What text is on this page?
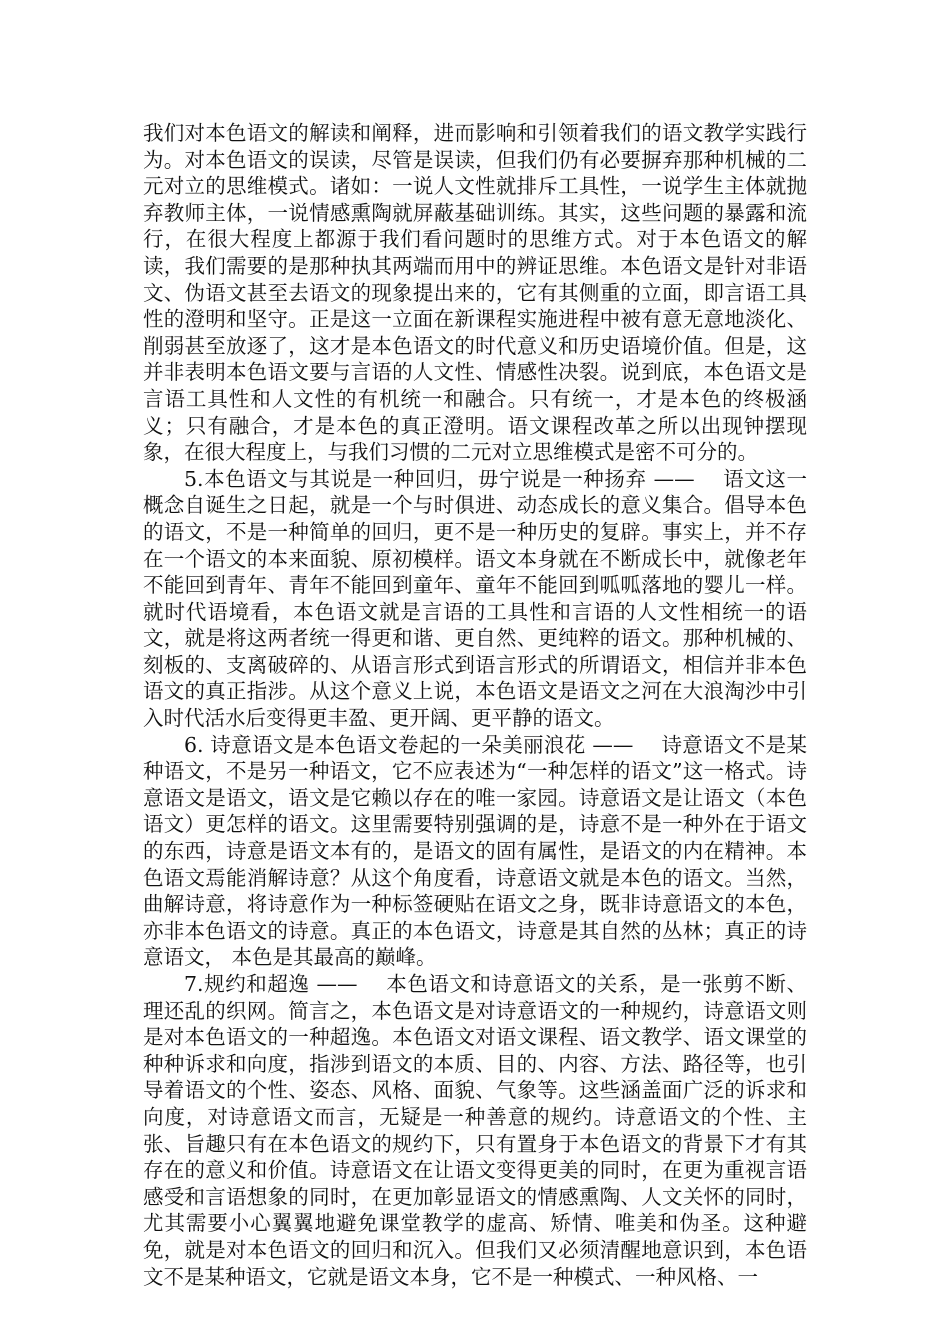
我们对本色语文的解读和阐释，进而影响和引领着我们的语文教学实践行为。对本色语文的误读，尽管是误读，但我们仍有必要摒弃那种机械的二元对立的思维模式。诸如：一说人文性就排斥工具性，一说学生主体就抛弃教师主体，一说情感熏陶就屏蔽基础训练。其实，这些问题的暴露和流行，在很大程度上都源于我们看问题时的思维方式。对于本色语文的解读，我们需要的是那种执其两端而用中的辨证思维。本色语文是针对非语文、伪语文甚至去语文的现象提出来的，它有其侧重的立面，即言语工具性的澄明和坚守。正是这一立面在新课程实施进程中被有意无意地淡化、削弱甚至放逐了，这才是本色语文的时代意义和历史语境价值。但是，这并非表明本色语文要与言语的人文性、情感性决裂。说到底，本色语文是言语工具性和人文性的有机统一和融合。只有统一，才是本色的终极涵义；只有融合，才是本色的真正澄明。语文课程改革之所以出现钟摆现象，在很大程度上，与我们习惯的二元对立思维模式是密不可分的。

5.本色语文与其说是一种回归，毋宁说是一种扬弃 ——　 语文这一概念自诞生之日起，就是一个与时俱进、动态成长的意义集合。倡导本色的语文，不是一种简单的回归，更不是一种历史的复辟。事实上，并不存在一个语文的本来面貌、原初模样。语文本身就在不断成长中，就像老年不能回到青年、青年不能回到童年、童年不能回到呱呱落地的婴儿一样。就时代语境看，本色语文就是言语的工具性和言语的人文性相统一的语文，就是将这两者统一得更和谐、更自然、更纯粹的语文。那种机械的、刻板的、支离破碎的、从语言形式到语言形式的所谓语文，相信并非本色语文的真正指涉。从这个意义上说，本色语文是语文之河在大浪淘沙中引入时代活水后变得更丰盈、更开阔、更平静的语文。

6. 诗意语文是本色语文卷起的一朵美丽浪花 ——　 诗意语文不是某种语文，不是另一种语文，它不应表述为“一种怎样的语文”这一格式。诗意语文是语文，语文是它赖以存在的唯一家园。诗意语文是让语文（本色语文）更怎样的语文。这里需要特别强调的是，诗意不是一种外在于语文的东西，诗意是语文本有的，是语文的固有属性，是语文的内在精神。本色语文焉能消解诗意？从这个角度看，诗意语文就是本色的语文。当然，曲解诗意，将诗意作为一种标签硬贴在语文之身，既非诗意语文的本色，亦非本色语文的诗意。真正的本色语文，诗意是其自然的丛林；真正的诗意语文， 本色是其最高的巅峰。

7.规约和超逸 ——　 本色语文和诗意语文的关系，是一张剪不断、理还乱的织网。简言之，本色语文是对诗意语文的一种规约，诗意语文则是对本色语文的一种超逸。本色语文对语文课程、语文教学、语文课堂的种种诉求和向度，指涉到语文的本质、目的、内容、方法、路径等，也引导着语文的个性、姿态、风格、面貌、气象等。这些涵盖面广泛的诉求和向度，对诗意语文而言，无疑是一种善意的规约。诗意语文的个性、主张、旨趣只有在本色语文的规约下，只有置身于本色语文的背景下才有其存在的意义和价值。诗意语文在让语文变得更美的同时，在更为重视言语感受和言语想象的同时，在更加彰显语文的情感熏陶、人文关怀的同时，尤其需要小心翼翼地避免课堂教学的虚高、矫情、唯美和伪圣。这种避免，就是对本色语文的回归和沉入。但我们又必须清醒地意识到，本色语文不是某种语文，它就是语文本身，它不是一种模式、一种风格、一
